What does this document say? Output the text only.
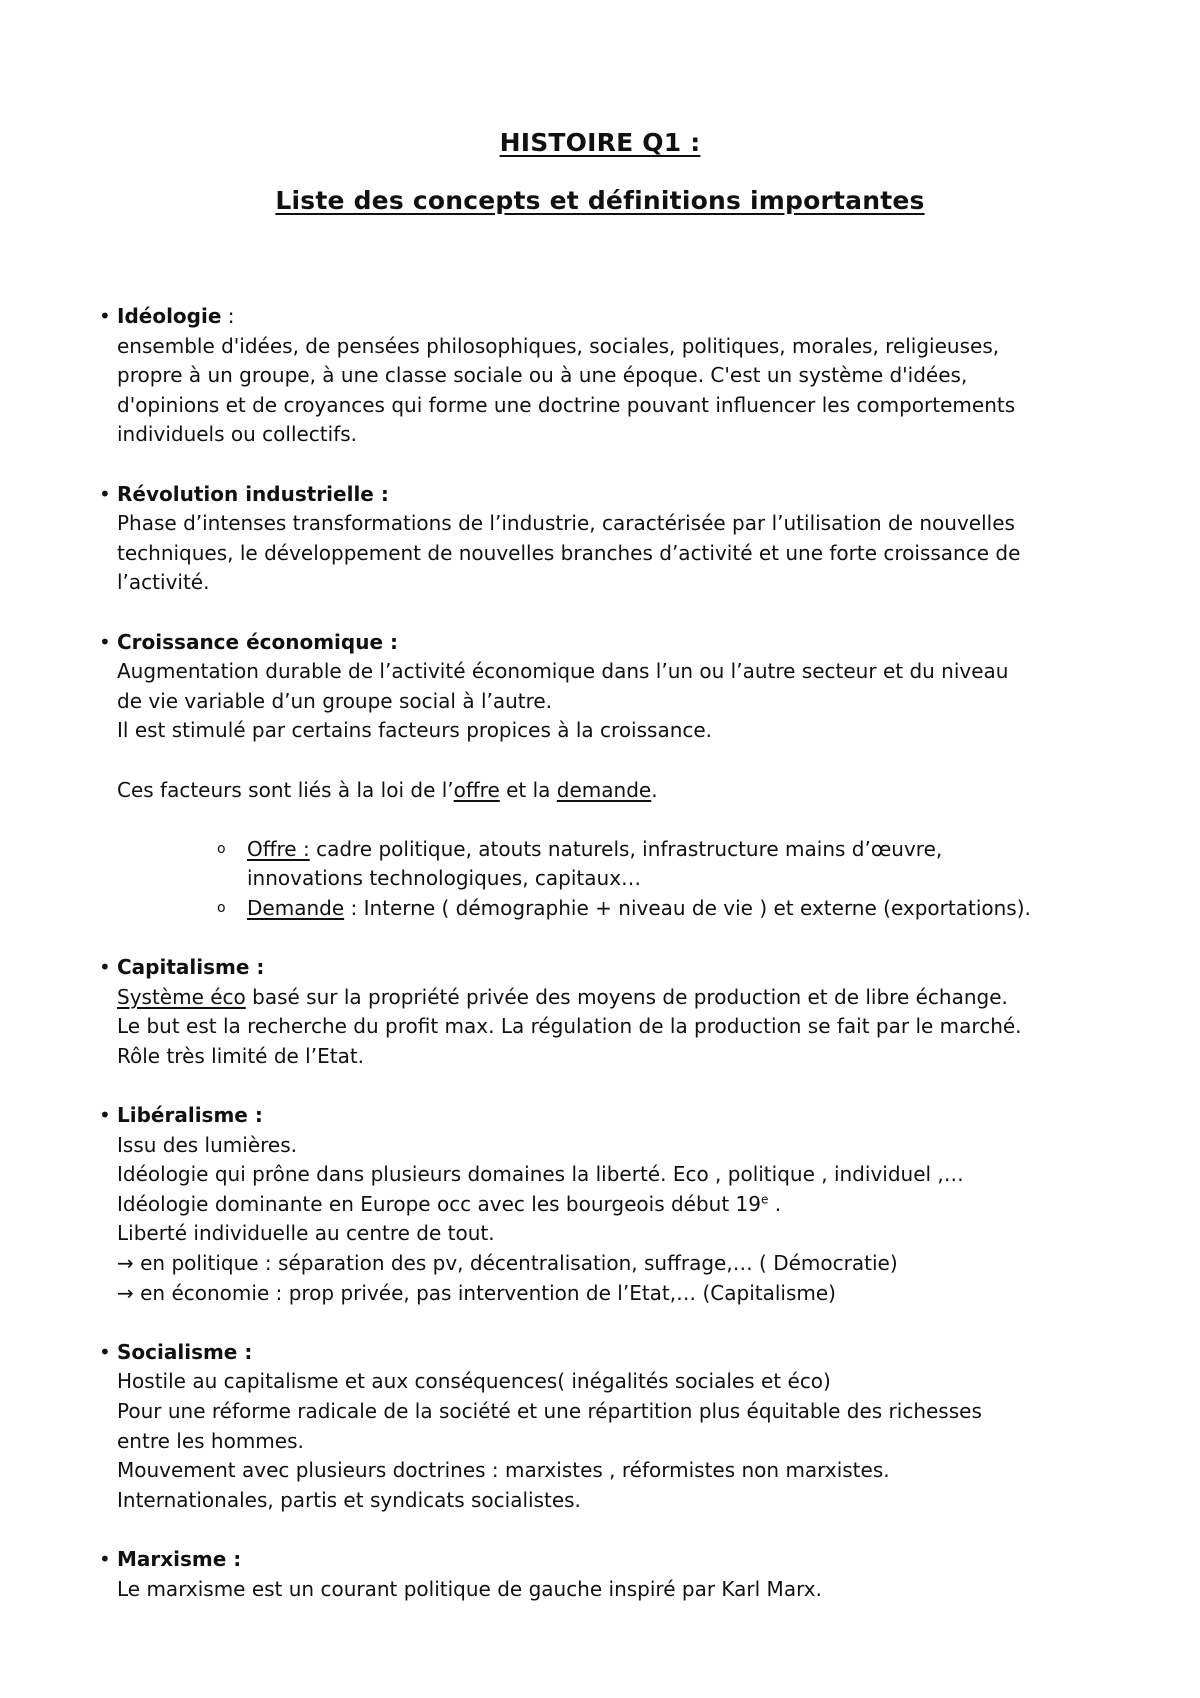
HISTOIRE Q1 :
Liste des concepts et définitions importantes
• Idéologie :
ensemble d'idées, de pensées philosophiques, sociales, politiques, morales, religieuses,
propre à un groupe, à une classe sociale ou à une époque. C'est un système d'idées,
d'opinions et de croyances qui forme une doctrine pouvant influencer les comportements
individuels ou collectifs.
• Révolution industrielle :
Phase d’intenses transformations de l’industrie, caractérisée par l’utilisation de nouvelles
techniques, le développement de nouvelles branches d’activité et une forte croissance de
l’activité.
• Croissance économique :
Augmentation durable de l’activité économique dans l’un ou l’autre secteur et du niveau
de vie variable d’un groupe social à l’autre.
Il est stimulé par certains facteurs propices à la croissance.
Ces facteurs sont liés à la loi de l’offre et la demande.
o Offre : cadre politique, atouts naturels, infrastructure mains d’œuvre,
innovations technologiques, capitaux…
o Demande : Interne ( démographie + niveau de vie ) et externe (exportations).
• Capitalisme :
Système éco basé sur la propriété privée des moyens de production et de libre échange.
Le but est la recherche du profit max. La régulation de la production se fait par le marché.
Rôle très limité de l’Etat.
• Libéralisme :
Issu des lumières.
Idéologie qui prône dans plusieurs domaines la liberté. Eco , politique , individuel ,…
Idéologie dominante en Europe occ avec les bourgeois début 19e .
Liberté individuelle au centre de tout.
→ en politique : séparation des pv, décentralisation, suffrage,… ( Démocratie)
→ en économie : prop privée, pas intervention de l’Etat,… (Capitalisme)
• Socialisme :
Hostile au capitalisme et aux conséquences( inégalités sociales et éco)
Pour une réforme radicale de la société et une répartition plus équitable des richesses
entre les hommes.
Mouvement avec plusieurs doctrines : marxistes , réformistes non marxistes.
Internationales, partis et syndicats socialistes.
• Marxisme :
Le marxisme est un courant politique de gauche inspiré par Karl Marx.
